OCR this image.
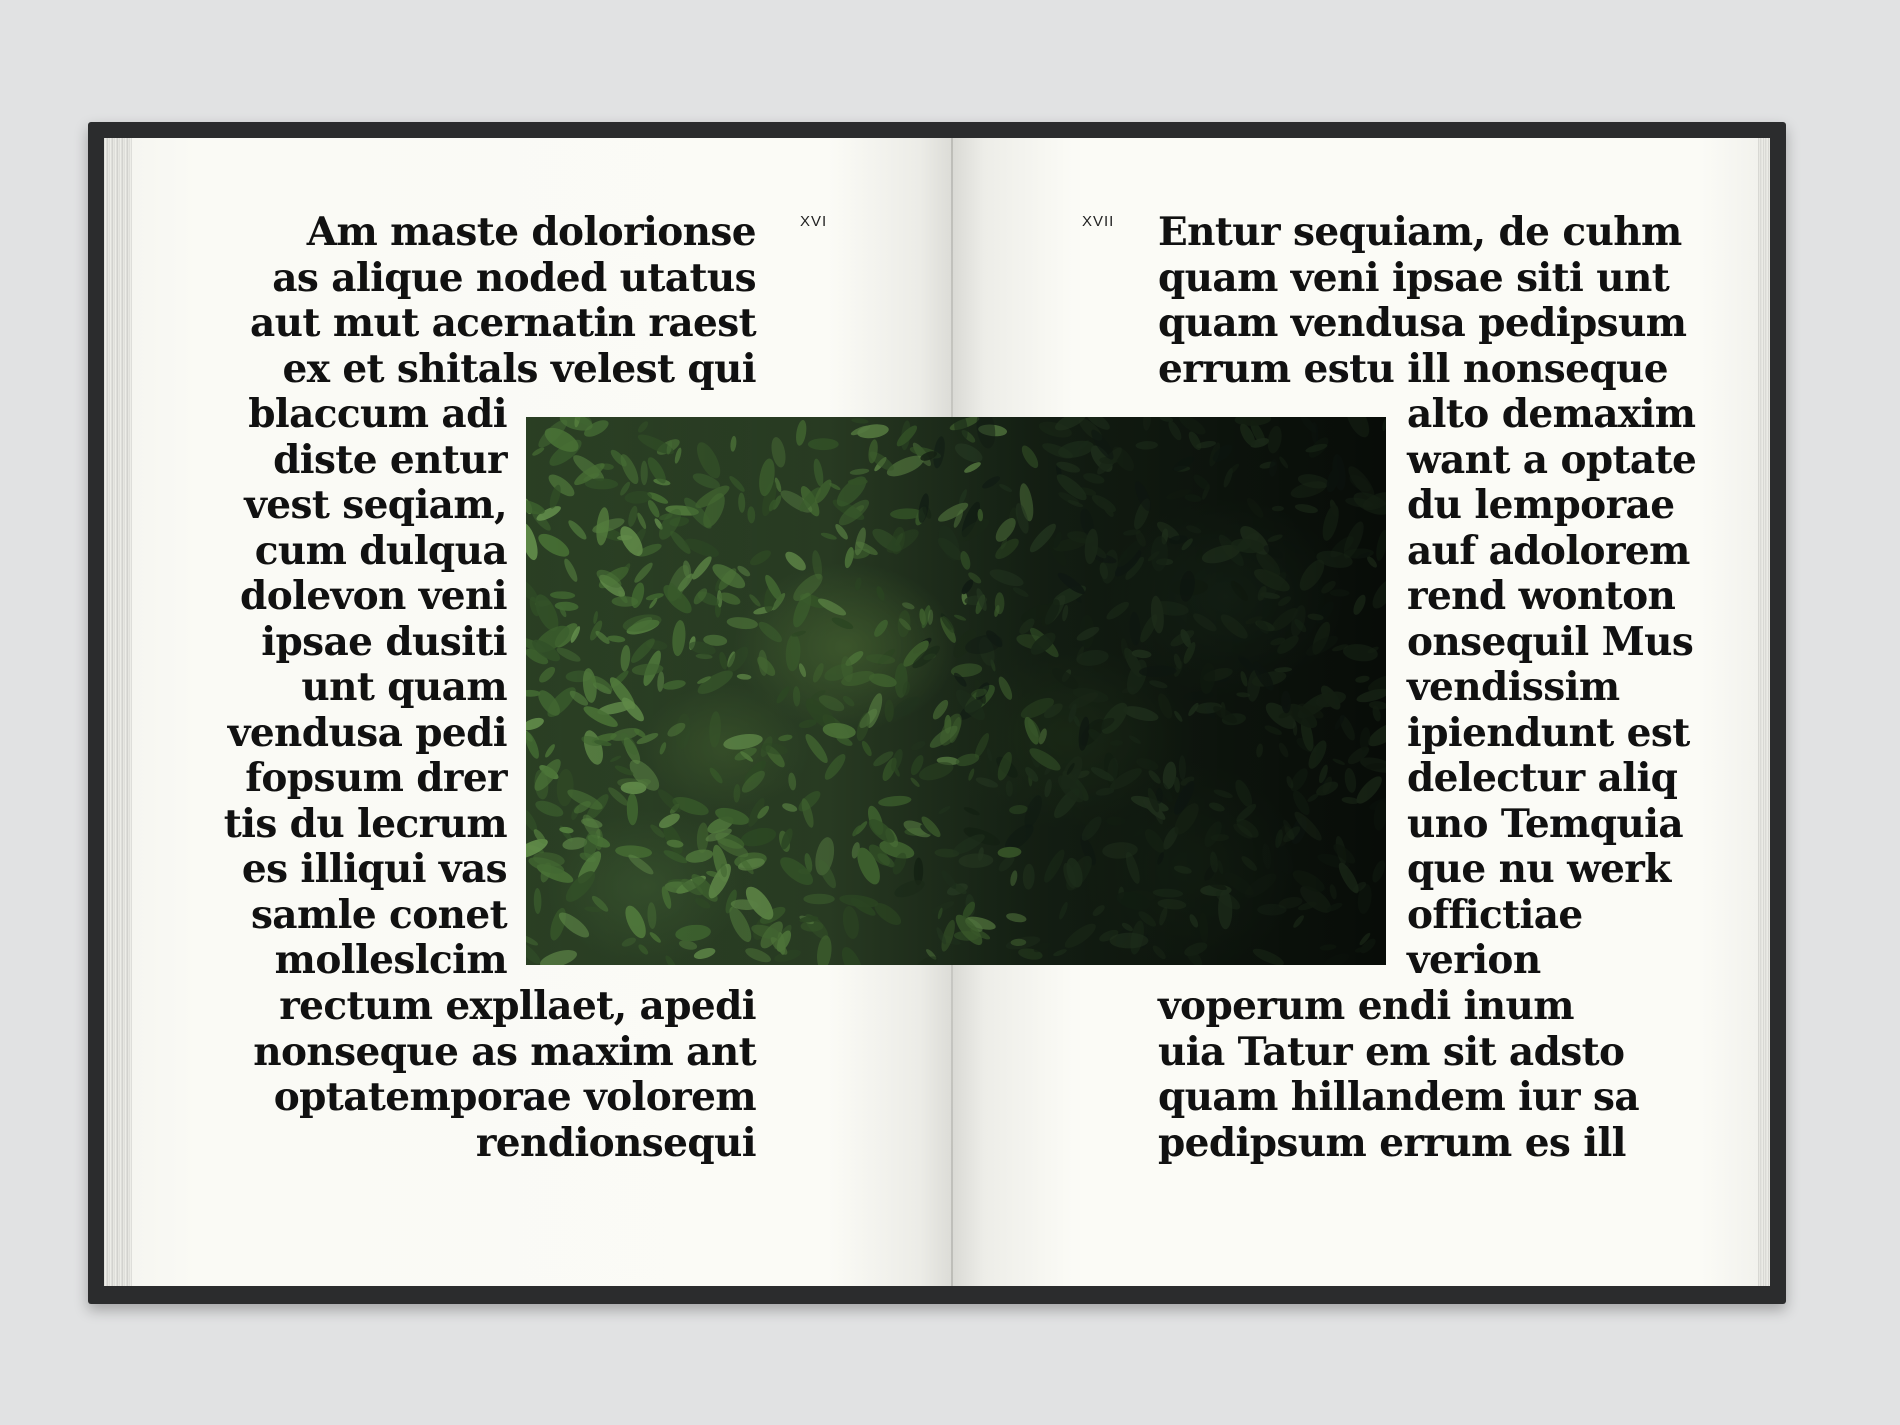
XVI	XVII
Am maste dolorionse
as alique noded utatus
aut mut acernatin raest
ex et shitals velest qui
blaccum adi
diste entur
vest seqiam,
cum dulqua
dolevon veni
ipsae dusiti
unt quam
vendusa pedi
fopsum drer
tis du lecrum
es illiqui vas
samle conet
molleslcim
rectum expllaet, apedi
nonseque as maxim ant
optatemporae volorem
rendionsequi
Entur sequiam, de cuhm
quam veni ipsae siti unt
quam vendusa pedipsum
errum estu ill nonseque
alto demaxim
want a optate
du lemporae
auf adolorem
rend wonton
onsequil Mus
vendissim
ipiendunt est
delectur aliq
uno Temquia
que nu werk
offictiae
verion
voperum endi inum
uia Tatur em sit adsto
quam hillandem iur sa
pedipsum errum es ill
